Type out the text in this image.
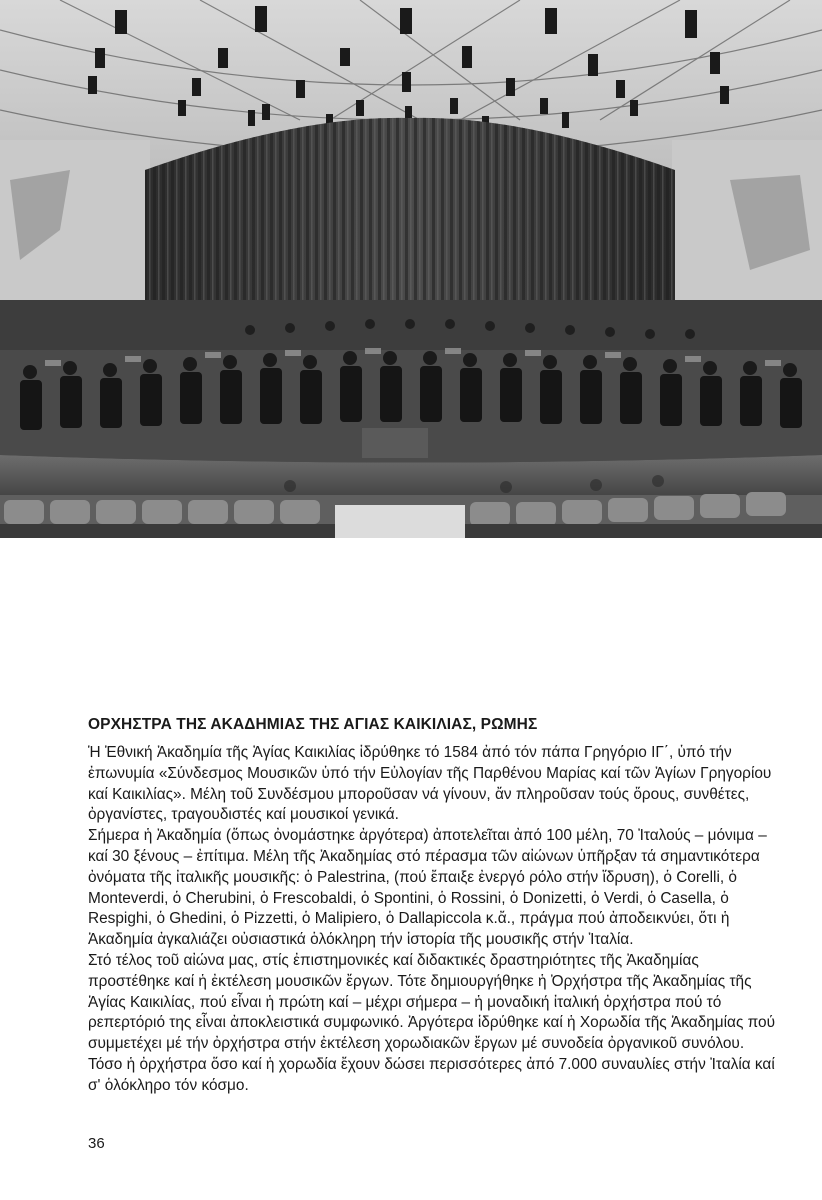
ΟΡΧΗΣΤΡΑ ΤΗΣ ΑΚΑΔΗΜΙΑΣ ΤΗΣ ΑΓΙΑΣ ΚΑΙΚΙΛΙΑΣ, ΡΩΜΗΣ
Ἡ Ἐθνική Ἀκαδημία τῆς Ἁγίας Καικιλίας ἱδρύθηκε τό 1584 ἀπό τόν πάπα Γρηγόριο ΙΓ΄, ὑπό τήν ἐπωνυμία «Σύνδεσμος Μουσικῶν ὑπό τήν Εὐλογίαν τῆς Παρθένου Μαρίας καί τῶν Ἁγίων Γρηγορίου καί Καικιλίας». Μέλη τοῦ Συνδέσμου μποροῦσαν νά γίνουν, ἄν πληροῦσαν τούς ὅρους, συνθέτες, ὀργανίστες, τραγουδιστές καί μουσικοί γενικά.
Σήμερα ἡ Ἀκαδημία (ὅπως ὀνομάστηκε ἀργότερα) ἀποτελεῖται ἀπό 100 μέλη, 70 Ἰταλούς – μόνιμα – καί 30 ξένους – ἐπίτιμα. Μέλη τῆς Ἀκαδημίας στό πέρασμα τῶν αἰώνων ὑπῆρξαν τά σημαντικότερα ὀνόματα τῆς ἰταλικῆς μουσικῆς: ὁ Palestrina, (πού ἔπαιξε ἐνεργό ρόλο στήν ἵδρυση), ὁ Corelli, ὁ Monteverdi, ὁ Cherubini, ὁ Frescobaldi, ὁ Spontini, ὁ Rossini, ὁ Donizetti, ὁ Verdi, ὁ Casella, ὁ Respighi, ὁ Ghedini, ὁ Pizzetti, ὁ Malipiero, ὁ Dallapiccola κ.ἄ., πράγμα πού ἀποδεικνύει, ὅτι ἡ Ἀκαδημία ἀγκαλιάζει οὐσιαστικά ὁλόκληρη τήν ἱστορία τῆς μουσικῆς στήν Ἰταλία.
Στό τέλος τοῦ αἰώνα μας, στίς ἐπιστημονικές καί διδακτικές δραστηριότητες τῆς Ἀκαδημίας προστέθηκε καί ἡ ἐκτέλεση μουσικῶν ἔργων. Τότε δημιουργήθηκε ἡ Ὀρχήστρα τῆς Ἀκαδημίας τῆς Ἁγίας Καικιλίας, πού εἶναι ἡ πρώτη καί – μέχρι σήμερα – ἡ μοναδική ἰταλική ὀρχήστρα πού τό ρεπερτόριό της εἶναι ἀποκλειστικά συμφωνικό. Ἀργότερα ἱδρύθηκε καί ἡ Χορωδία τῆς Ἀκαδημίας πού συμμετέχει μέ τήν ὀρχήστρα στήν ἐκτέλεση χορωδιακῶν ἔργων μέ συνοδεία ὀργανικοῦ συνόλου. Τόσο ἡ ὀρχήστρα ὅσο καί ἡ χορωδία ἔχουν δώσει περισσότερες ἀπό 7.000 συναυλίες στήν Ἰταλία καί σ' ὁλόκληρο τόν κόσμο.
36
